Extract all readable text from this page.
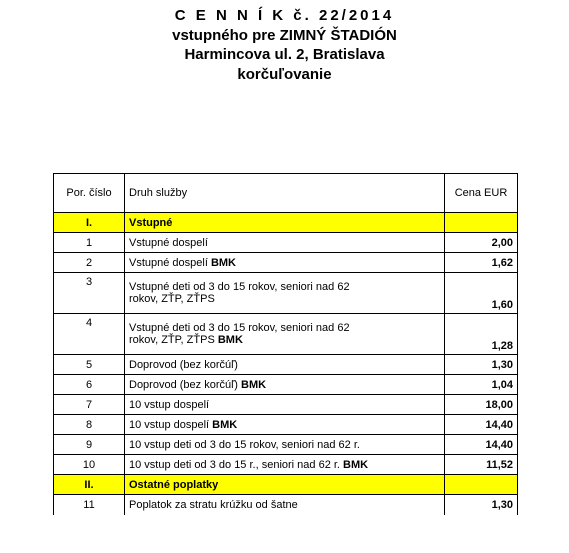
C E N N Í K č. 22/2014
vstupného pre ZIMNÝ ŠTADIÓN
Harmincova ul. 2, Bratislava
korčuľovanie
Por. číslo	Druh služby	Cena EUR
I.	Vstupné	
1	Vstupné dospelí	2,00
2	Vstupné dospelí BMK	1,62
3	Vstupné deti od 3 do 15 rokov, seniori nad 62
rokov, ZŤP, ZŤPS	1,60
4	Vstupné deti od 3 do 15 rokov, seniori nad 62
rokov, ZŤP, ZŤPS BMK	1,28
5	Doprovod (bez korčúľ)	1,30
6	Doprovod (bez korčúľ) BMK	1,04
7	10 vstup dospelí	18,00
8	10 vstup dospelí BMK	14,40
9	10 vstup deti od 3 do 15 rokov, seniori nad 62 r.	14,40
10	10 vstup deti od 3 do 15 r., seniori nad 62 r. BMK	11,52
II.	Ostatné poplatky	
11	Poplatok za stratu krúžku od šatne	1,30
